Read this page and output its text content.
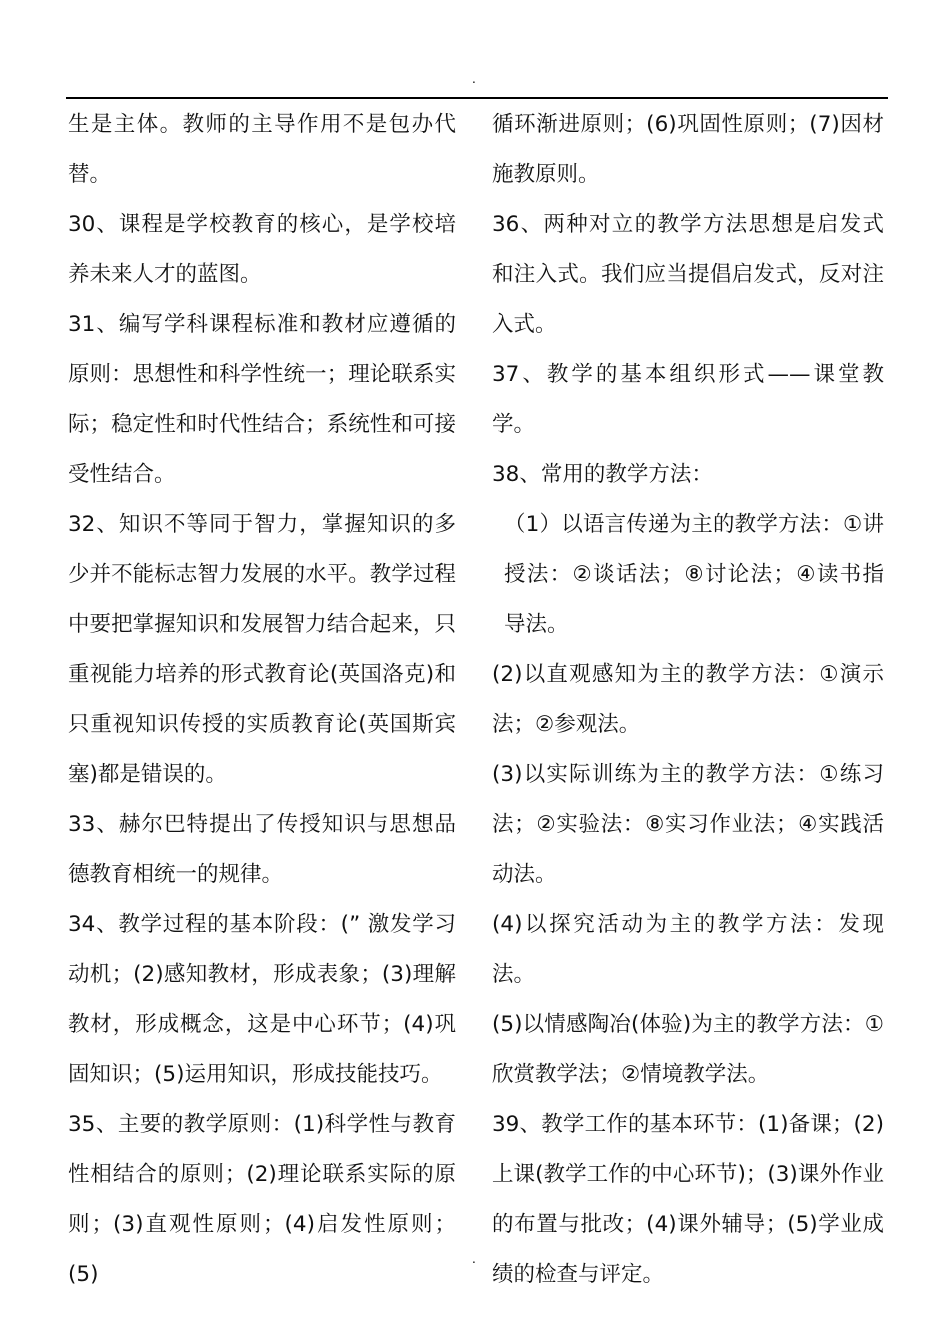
.

生是主体。教师的主导作用不是包办代替。

30、课程是学校教育的核心，是学校培养未来人才的蓝图。

31、编写学科课程标准和教材应遵循的原则：思想性和科学性统一；理论联系实际；稳定性和时代性结合；系统性和可接受性结合。

32、知识不等同于智力，掌握知识的多少并不能标志智力发展的水平。教学过程中要把掌握知识和发展智力结合起来，只重视能力培养的形式教育论(英国洛克)和只重视知识传授的实质教育论(英国斯宾塞)都是错误的。

33、赫尔巴特提出了传授知识与思想品德教育相统一的规律。

34、教学过程的基本阶段：(” 激发学习动机；(2)感知教材，形成表象；(3)理解教材，形成概念，这是中心环节；(4)巩固知识；(5)运用知识，形成技能技巧。

35、主要的教学原则：(1)科学性与教育性相结合的原则；(2)理论联系实际的原则；(3)直观性原则；(4)启发性原则；(5)

循环渐进原则；(6)巩固性原则；(7)因材施教原则。

36、两种对立的教学方法思想是启发式和注入式。我们应当提倡启发式，反对注入式。

37、教学的基本组织形式——课堂教学。

38、常用的教学方法：

（1）以语言传递为主的教学方法：①讲授法：②谈话法；⑧讨论法；④读书指导法。

(2)以直观感知为主的教学方法：①演示法；②参观法。

(3)以实际训练为主的教学方法：①练习法；②实验法：⑧实习作业法；④实践活动法。

(4)以探究活动为主的教学方法：发现法。

(5)以情感陶冶(体验)为主的教学方法：①欣赏教学法；②情境教学法。

39、教学工作的基本环节：(1)备课；(2)上课(教学工作的中心环节)；(3)课外作业的布置与批改；(4)课外辅导；(5)学业成绩的检查与评定。

.
